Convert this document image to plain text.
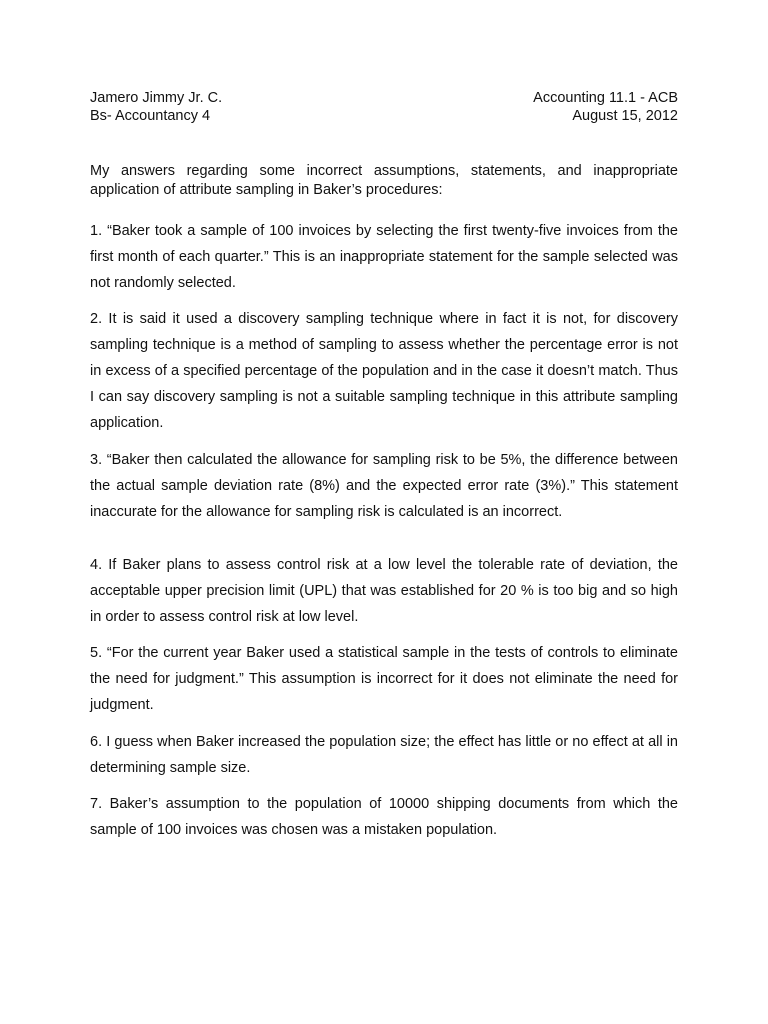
Jamero Jimmy Jr. C.	Accounting 11.1 - ACB
Bs- Accountancy 4	August 15, 2012

My answers regarding some incorrect assumptions, statements, and inappropriate application of attribute sampling in Baker’s procedures:

1. “Baker took a sample of 100 invoices by selecting the first twenty-five invoices from the first month of each quarter.” This is an inappropriate statement for the sample selected was not randomly selected.

2. It is said it used a discovery sampling technique where in fact it is not, for discovery sampling technique is a method of sampling to assess whether the percentage error is not in excess of a specified percentage of the population and in the case it doesn’t match. Thus I can say discovery sampling is not a suitable sampling technique in this attribute sampling application.

3. “Baker then calculated the allowance for sampling risk to be 5%, the difference between the actual sample deviation rate (8%) and the expected error rate (3%).” This statement inaccurate for the allowance for sampling risk is calculated is an incorrect.

4. If Baker plans to assess control risk at a low level the tolerable rate of deviation, the acceptable upper precision limit (UPL) that was established for 20 % is too big and so high in order to assess control risk at low level.

5. “For the current year Baker used a statistical sample in the tests of controls to eliminate the need for judgment.” This assumption is incorrect for it does not eliminate the need for judgment.

6. I guess when Baker increased the population size; the effect has little or no effect at all in determining sample size.

7. Baker’s assumption to the population of 10000 shipping documents from which the sample of 100 invoices was chosen was a mistaken population.
